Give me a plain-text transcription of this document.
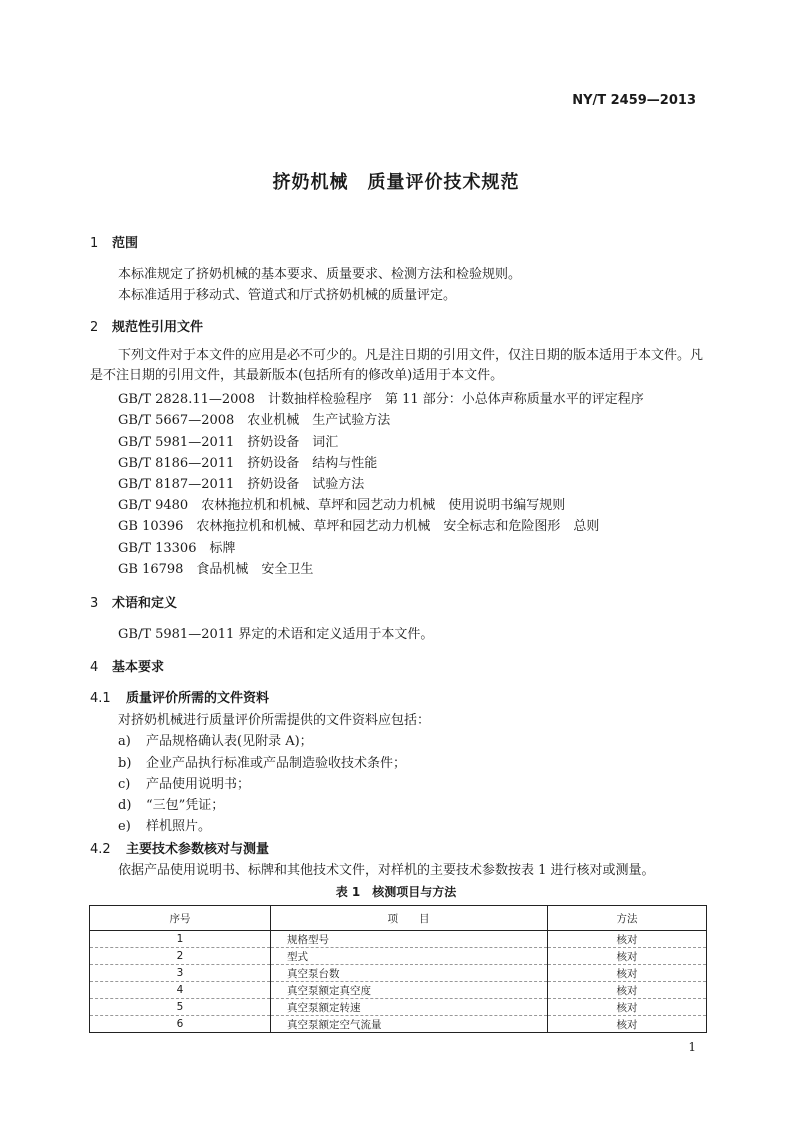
NY/T 2459—2013
挤奶机械　质量评价技术规范
1 范围
本标准规定了挤奶机械的基本要求、质量要求、检测方法和检验规则。
本标准适用于移动式、管道式和厅式挤奶机械的质量评定。
2 规范性引用文件
下列文件对于本文件的应用是必不可少的。凡是注日期的引用文件，仅注日期的版本适用于本文件。凡是不注日期的引用文件，其最新版本(包括所有的修改单)适用于本文件。
GB/T 2828.11—2008　计数抽样检验程序　第 11 部分：小总体声称质量水平的评定程序
GB/T 5667—2008　农业机械　生产试验方法
GB/T 5981—2011　挤奶设备　词汇
GB/T 8186—2011　挤奶设备　结构与性能
GB/T 8187—2011　挤奶设备　试验方法
GB/T 9480　农林拖拉机和机械、草坪和园艺动力机械　使用说明书编写规则
GB 10396　农林拖拉机和机械、草坪和园艺动力机械　安全标志和危险图形　总则
GB/T 13306　标牌
GB 16798　食品机械　安全卫生
3 术语和定义
GB/T 5981—2011 界定的术语和定义适用于本文件。
4 基本要求
4.1 质量评价所需的文件资料
对挤奶机械进行质量评价所需提供的文件资料应包括：
a) 产品规格确认表(见附录 A)；
b) 企业产品执行标准或产品制造验收技术条件；
c) 产品使用说明书；
d) “三包”凭证；
e) 样机照片。
4.2 主要技术参数核对与测量
依据产品使用说明书、标牌和其他技术文件，对样机的主要技术参数按表 1 进行核对或测量。
表 1　核测项目与方法
序号	项　　目	方法
1	规格型号	核对
2	型式	核对
3	真空泵台数	核对
4	真空泵额定真空度	核对
5	真空泵额定转速	核对
6	真空泵额定空气流量	核对
1
